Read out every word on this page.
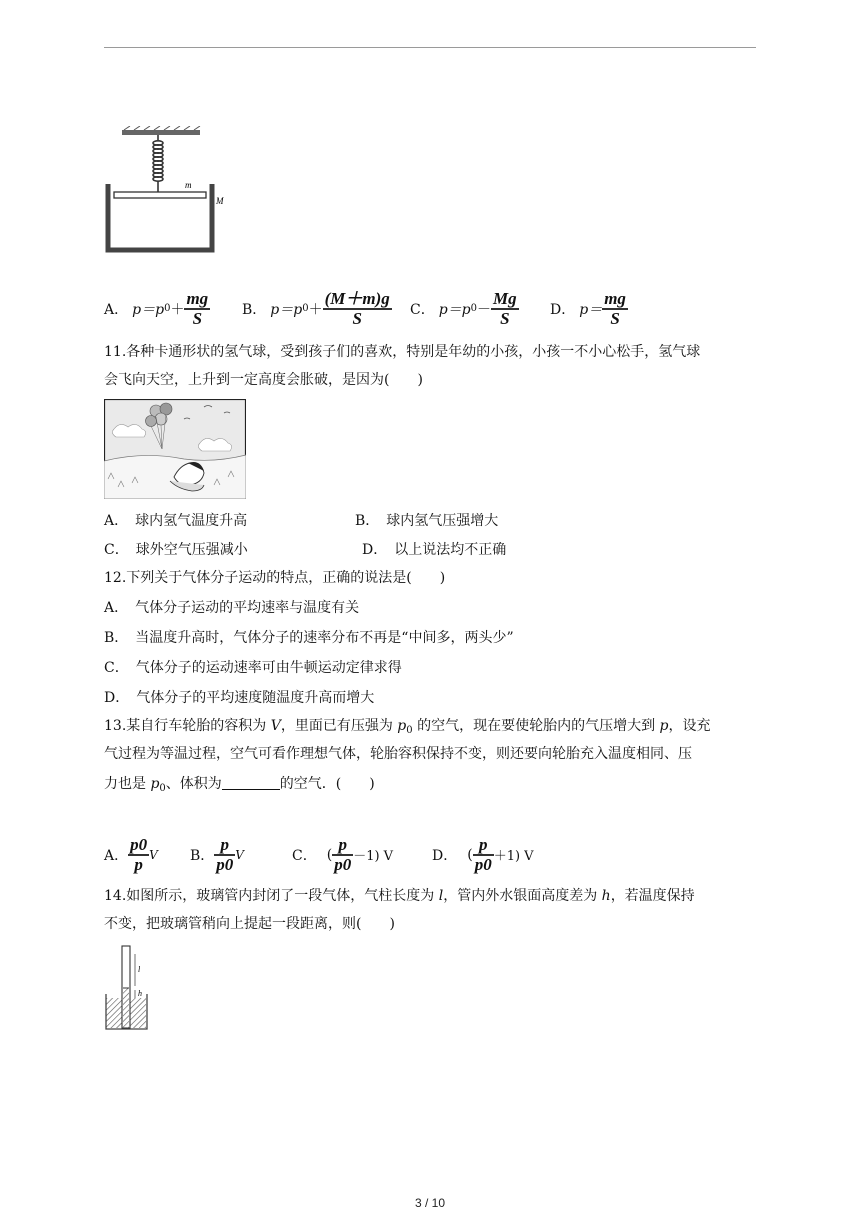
m
M
A． p＝p $0 + \frac{mg}{S}$ B． p＝p $0 + \frac{(M+m)g}{S}$ C． p＝p $0 - \frac{Mg}{S}$ D． $p= \frac{mg}{S}$
11.各种卡通形状的氢气球，受到孩子们的喜欢，特别是年幼的小孩，小孩一不小心松手，氢气球
会飞向天空，上升到一定高度会胀破，是因为(　　)
A．　球内氢气温度升高	B．　球内氢气压强增大
C．　球外空气压强减小	D．　以上说法均不正确
12.下列关于气体分子运动的特点，正确的说法是(　　)
A．　气体分子运动的平均速率与温度有关
B．　当温度升高时，气体分子的速率分布不再是“中间多，两头少”
C．　气体分子的运动速率可由牛顿运动定律求得
D．　气体分子的平均速度随温度升高而增大
13.某自行车轮胎的容积为 V，里面已有压强为 $p_0$ 的空气，现在要使轮胎内的气压增大到 p，设充
气过程为等温过程，空气可看作理想气体，轮胎容积保持不变，则还要向轮胎充入温度相同、压
力也是 $p_0$、体积为	的空气．(　　)
A． $\frac{p0}{p}$ V B． $\frac{p}{p0}$ V	C． ( $\frac{p}{p0} -1$) V	D． ( $\frac{p}{p0} +1$) V
14.如图所示，玻璃管内封闭了一段气体，气柱长度为 l，管内外水银面高度差为 h，若温度保持
不变，把玻璃管稍向上提起一段距离，则(　　)
l
h
3 / 10
